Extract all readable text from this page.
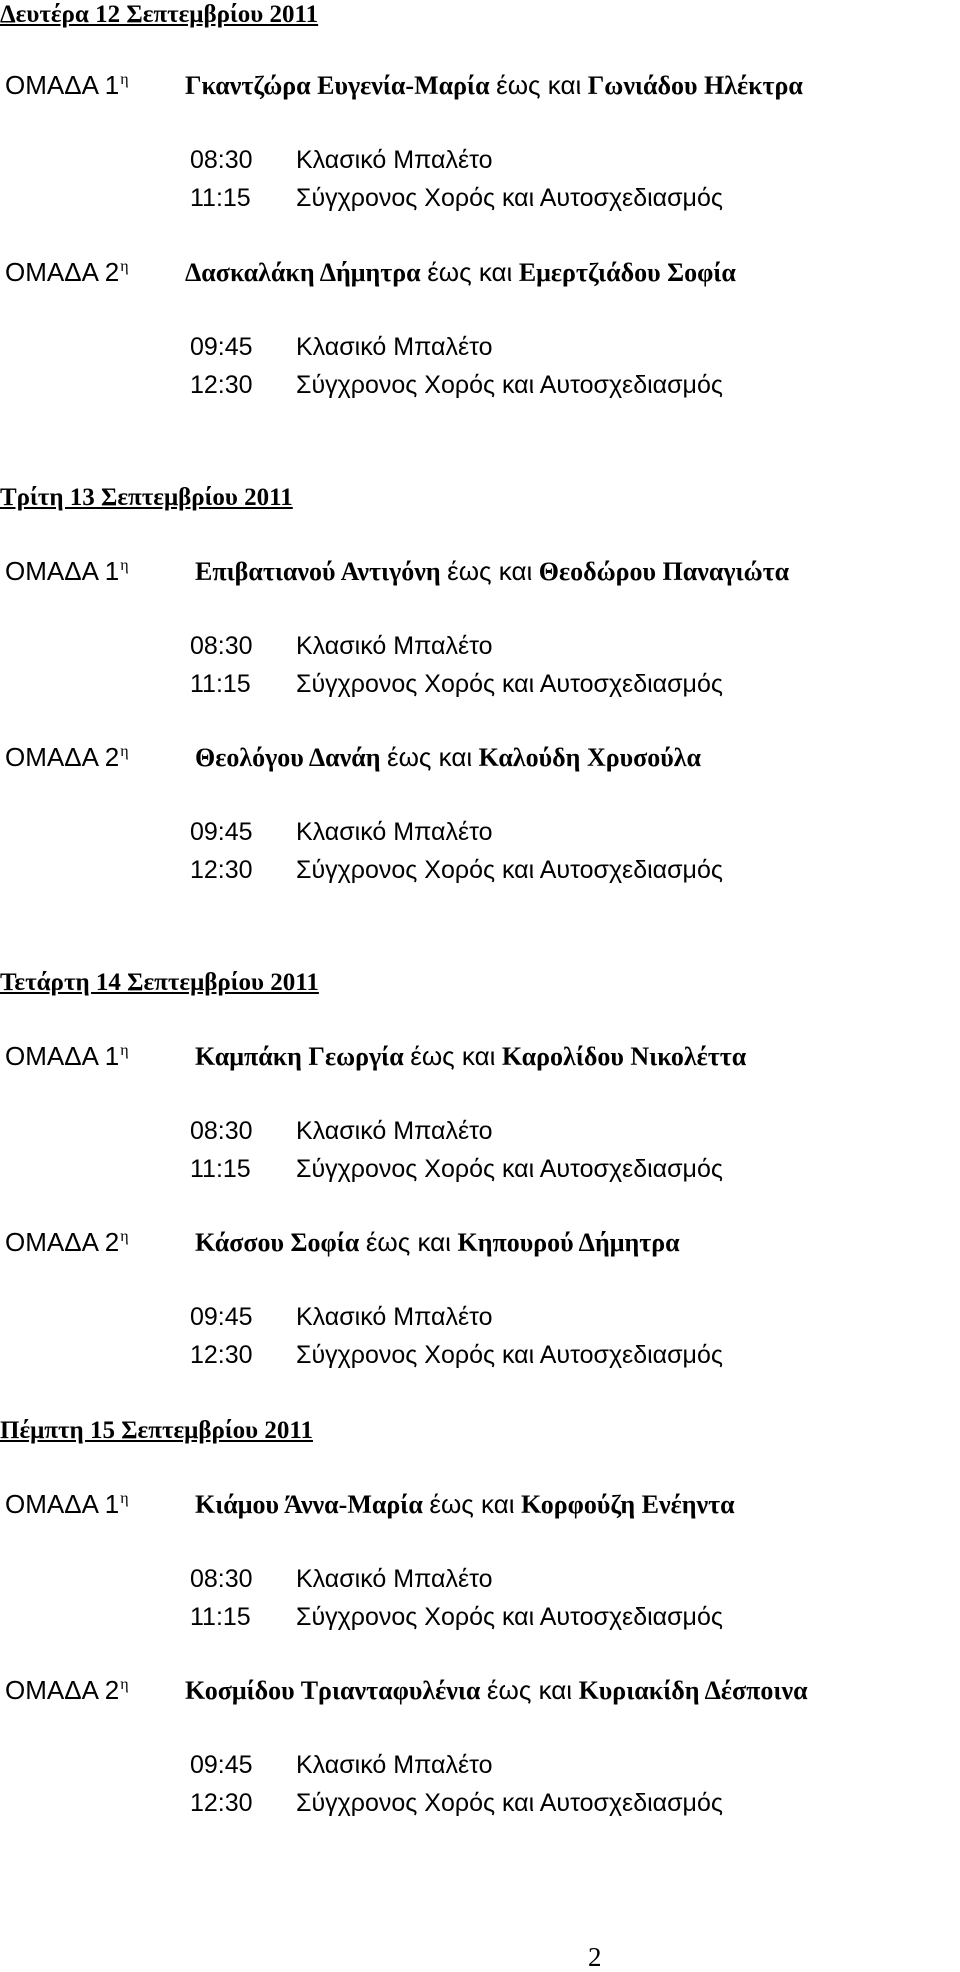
Δευτέρα 12 Σεπτεμβρίου 2011
ΟΜΑΔΑ $1^\eta$ Γκαντζώρα Ευγενία-Μαρία έως και Γωνιάδου Ηλέκτρα
08:30 Κλασικό Μπαλέτο
11:15 Σύγχρονος Χορός και Αυτοσχεδιασμός
ΟΜΑΔΑ $2^\eta$ Δασκαλάκη Δήμητρα έως και Εμερτζιάδου Σοφία
09:45 Κλασικό Μπαλέτο
12:30 Σύγχρονος Χορός και Αυτοσχεδιασμός
Τρίτη 13 Σεπτεμβρίου 2011
ΟΜΑΔΑ $1^\eta$	Επιβατιανού Αντιγόνη έως και Θεοδώρου Παναγιώτα
08:30 Κλασικό Μπαλέτο
11:15 Σύγχρονος Χορός και Αυτοσχεδιασμός
ΟΜΑΔΑ $2^\eta$	Θεολόγου Δανάη έως και Καλούδη Χρυσούλα
09:45 Κλασικό Μπαλέτο
12:30 Σύγχρονος Χορός και Αυτοσχεδιασμός
Τετάρτη 14 Σεπτεμβρίου 2011
ΟΜΑΔΑ $1^\eta$	Καμπάκη Γεωργία έως και Καρολίδου Νικολέττα
08:30 Κλασικό Μπαλέτο
11:15 Σύγχρονος Χορός και Αυτοσχεδιασμός
ΟΜΑΔΑ $2^\eta$	Κάσσου Σοφία έως και Κηπουρού Δήμητρα
09:45 Κλασικό Μπαλέτο
12:30 Σύγχρονος Χορός και Αυτοσχεδιασμός
Πέμπτη 15 Σεπτεμβρίου 2011
ΟΜΑΔΑ $1^\eta$	Κιάμου Άννα-Μαρία έως και Κορφούζη Ενέηντα
08:30 Κλασικό Μπαλέτο
11:15 Σύγχρονος Χορός και Αυτοσχεδιασμός
ΟΜΑΔΑ $2^\eta$ Κοσμίδου Τριανταφυλένια έως και Κυριακίδη Δέσποινα
09:45 Κλασικό Μπαλέτο
12:30 Σύγχρονος Χορός και Αυτοσχεδιασμός
2
